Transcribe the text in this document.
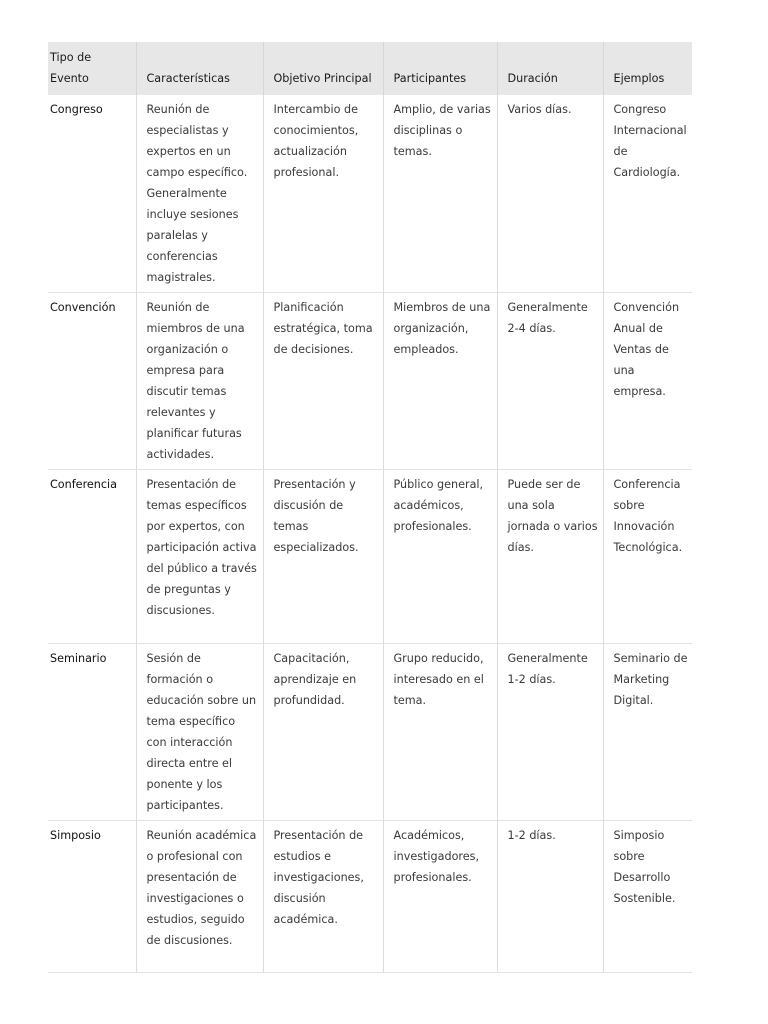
Tipo de Evento	Características	Objetivo Principal	Participantes	Duración	Ejemplos
Congreso	Reunión de especialistas y expertos en un campo específico. Generalmente incluye sesiones paralelas y conferencias magistrales.	Intercambio de conocimientos, actualización profesional.	Amplio, de varias disciplinas o temas.	Varios días.	Congreso Internacional de Cardiología.
Convención	Reunión de miembros de una organización o empresa para discutir temas relevantes y planificar futuras actividades.	Planificación estratégica, toma de decisiones.	Miembros de una organización, empleados.	Generalmente 2-4 días.	Convención Anual de Ventas de una empresa.
Conferencia	Presentación de temas específicos por expertos, con participación activa del público a través de preguntas y discusiones.	Presentación y discusión de temas especializados.	Público general, académicos, profesionales.	Puede ser de una sola jornada o varios días.	Conferencia sobre Innovación Tecnológica.
Seminario	Sesión de formación o educación sobre un tema específico con interacción directa entre el ponente y los participantes.	Capacitación, aprendizaje en profundidad.	Grupo reducido, interesado en el tema.	Generalmente 1-2 días.	Seminario de Marketing Digital.
Simposio	Reunión académica o profesional con presentación de investigaciones o estudios, seguido de discusiones.	Presentación de estudios e investigaciones, discusión académica.	Académicos, investigadores, profesionales.	1-2 días.	Simposio sobre Desarrollo Sostenible.
